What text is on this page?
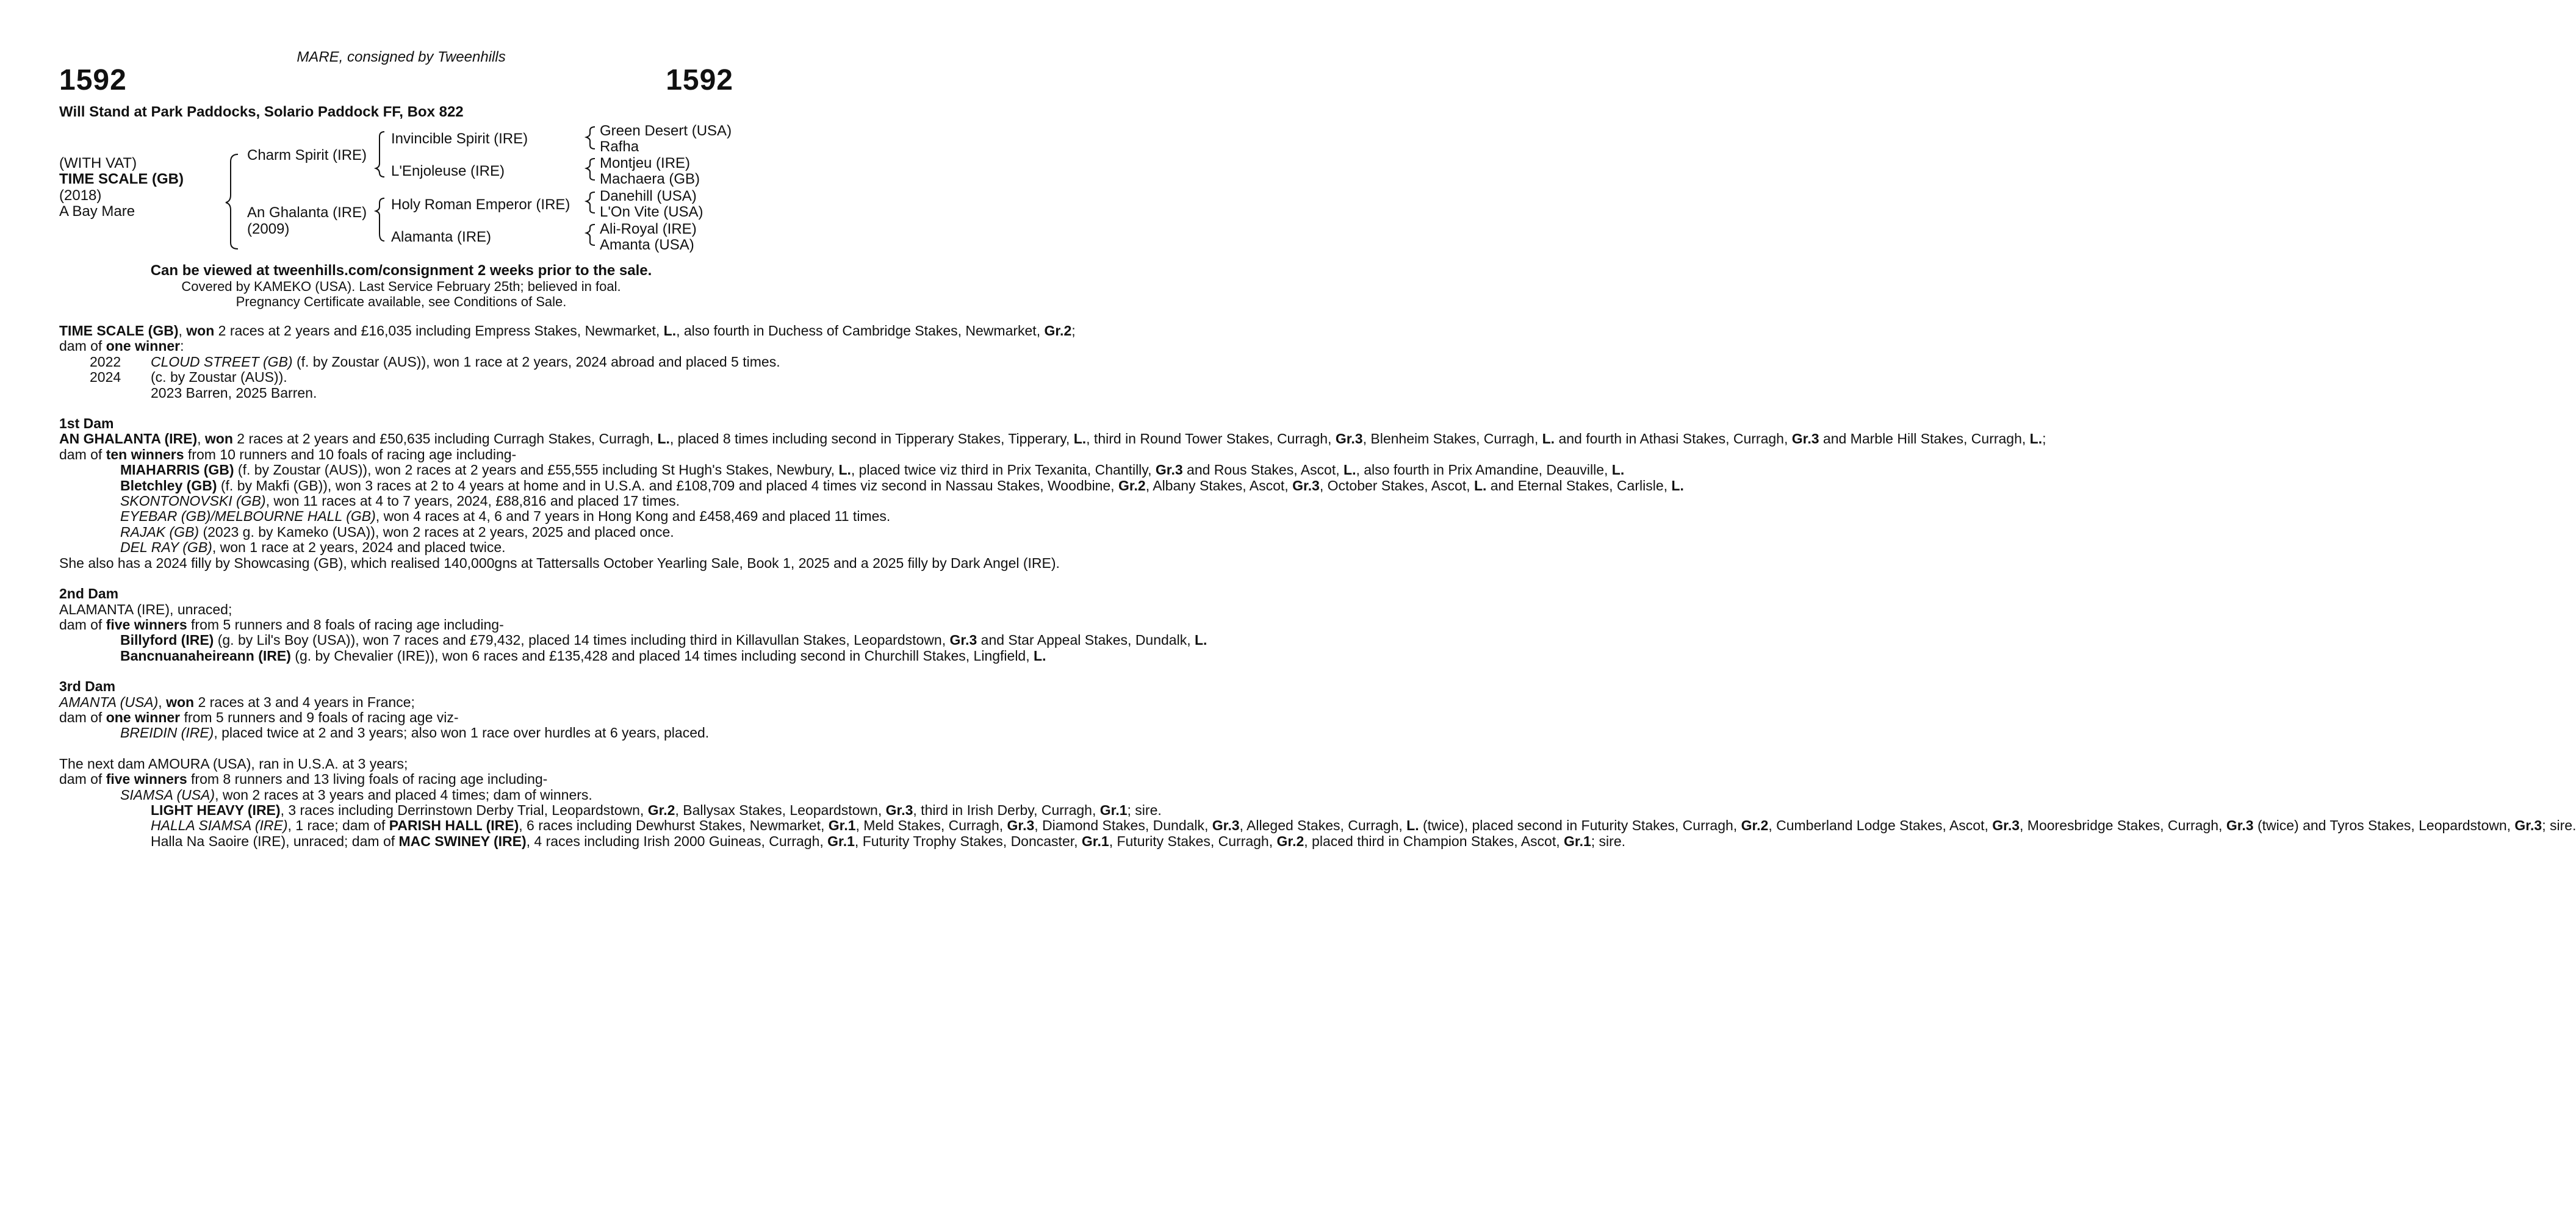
MARE, consigned by Tweenhills
1592	1592
Will Stand at Park Paddocks, Solario Paddock FF, Box 822
(WITH VAT)
TIME SCALE (GB)
(2018)
A Bay Mare
Charm Spirit (IRE)
An Ghalanta (IRE)
(2009)
Invincible Spirit (IRE)
L'Enjoleuse (IRE)
Holy Roman Emperor (IRE)
Alamanta (IRE)
Green Desert (USA)
Rafha
Montjeu (IRE)
Machaera (GB)
Danehill (USA)
L'On Vite (USA)
Ali-Royal (IRE)
Amanta (USA)
Can be viewed at tweenhills.com/consignment 2 weeks prior to the sale.
Covered by KAMEKO (USA). Last Service February 25th; believed in foal.
Pregnancy Certificate available, see Conditions of Sale.

TIME SCALE (GB), won 2 races at 2 years and £16,035 including Empress Stakes, Newmarket, L., also fourth in Duchess of Cambridge Stakes, Newmarket, Gr.2;

dam of one winner:

2022	CLOUD STREET (GB) (f. by Zoustar (AUS)), won 1 race at 2 years, 2024 abroad and placed 5 times.
2024	(c. by Zoustar (AUS)).
2023 Barren, 2025 Barren.

1st Dam

AN GHALANTA (IRE), won 2 races at 2 years and £50,635 including Curragh Stakes, Curragh, L., placed 8 times including second in Tipperary Stakes, Tipperary, L., third in Round Tower Stakes, Curragh, Gr.3, Blenheim Stakes, Curragh, L. and fourth in Athasi Stakes, Curragh, Gr.3 and Marble Hill Stakes, Curragh, L.;

dam of ten winners from 10 runners and 10 foals of racing age including-

MIAHARRIS (GB) (f. by Zoustar (AUS)), won 2 races at 2 years and £55,555 including St Hugh's Stakes, Newbury, L., placed twice viz third in Prix Texanita, Chantilly, Gr.3 and Rous Stakes, Ascot, L., also fourth in Prix Amandine, Deauville, L.

Bletchley (GB) (f. by Makfi (GB)), won 3 races at 2 to 4 years at home and in U.S.A. and £108,709 and placed 4 times viz second in Nassau Stakes, Woodbine, Gr.2, Albany Stakes, Ascot, Gr.3, October Stakes, Ascot, L. and Eternal Stakes, Carlisle, L.

SKONTONOVSKI (GB), won 11 races at 4 to 7 years, 2024, £88,816 and placed 17 times.

EYEBAR (GB)/MELBOURNE HALL (GB), won 4 races at 4, 6 and 7 years in Hong Kong and £458,469 and placed 11 times.

RAJAK (GB) (2023 g. by Kameko (USA)), won 2 races at 2 years, 2025 and placed once.

DEL RAY (GB), won 1 race at 2 years, 2024 and placed twice.

She also has a 2024 filly by Showcasing (GB), which realised 140,000gns at Tattersalls October Yearling Sale, Book 1, 2025 and a 2025 filly by Dark Angel (IRE).

2nd Dam

ALAMANTA (IRE), unraced;

dam of five winners from 5 runners and 8 foals of racing age including-

Billyford (IRE) (g. by Lil's Boy (USA)), won 7 races and £79,432, placed 14 times including third in Killavullan Stakes, Leopardstown, Gr.3 and Star Appeal Stakes, Dundalk, L.

Bancnuanaheireann (IRE) (g. by Chevalier (IRE)), won 6 races and £135,428 and placed 14 times including second in Churchill Stakes, Lingfield, L.

3rd Dam

AMANTA (USA), won 2 races at 3 and 4 years in France;

dam of one winner from 5 runners and 9 foals of racing age viz-

BREIDIN (IRE), placed twice at 2 and 3 years; also won 1 race over hurdles at 6 years, placed.

The next dam AMOURA (USA), ran in U.S.A. at 3 years;

dam of five winners from 8 runners and 13 living foals of racing age including-

SIAMSA (USA), won 2 races at 3 years and placed 4 times; dam of winners.

LIGHT HEAVY (IRE), 3 races including Derrinstown Derby Trial, Leopardstown, Gr.2, Ballysax Stakes, Leopardstown, Gr.3, third in Irish Derby, Curragh, Gr.1; sire.

HALLA SIAMSA (IRE), 1 race; dam of PARISH HALL (IRE), 6 races including Dewhurst Stakes, Newmarket, Gr.1, Meld Stakes, Curragh, Gr.3, Diamond Stakes, Dundalk, Gr.3, Alleged Stakes, Curragh, L. (twice), placed second in Futurity Stakes, Curragh, Gr.2, Cumberland Lodge Stakes, Ascot, Gr.3, Mooresbridge Stakes, Curragh, Gr.3 (twice) and Tyros Stakes, Leopardstown, Gr.3; sire.

Halla Na Saoire (IRE), unraced; dam of MAC SWINEY (IRE), 4 races including Irish 2000 Guineas, Curragh, Gr.1, Futurity Trophy Stakes, Doncaster, Gr.1, Futurity Stakes, Curragh, Gr.2, placed third in Champion Stakes, Ascot, Gr.1; sire.
